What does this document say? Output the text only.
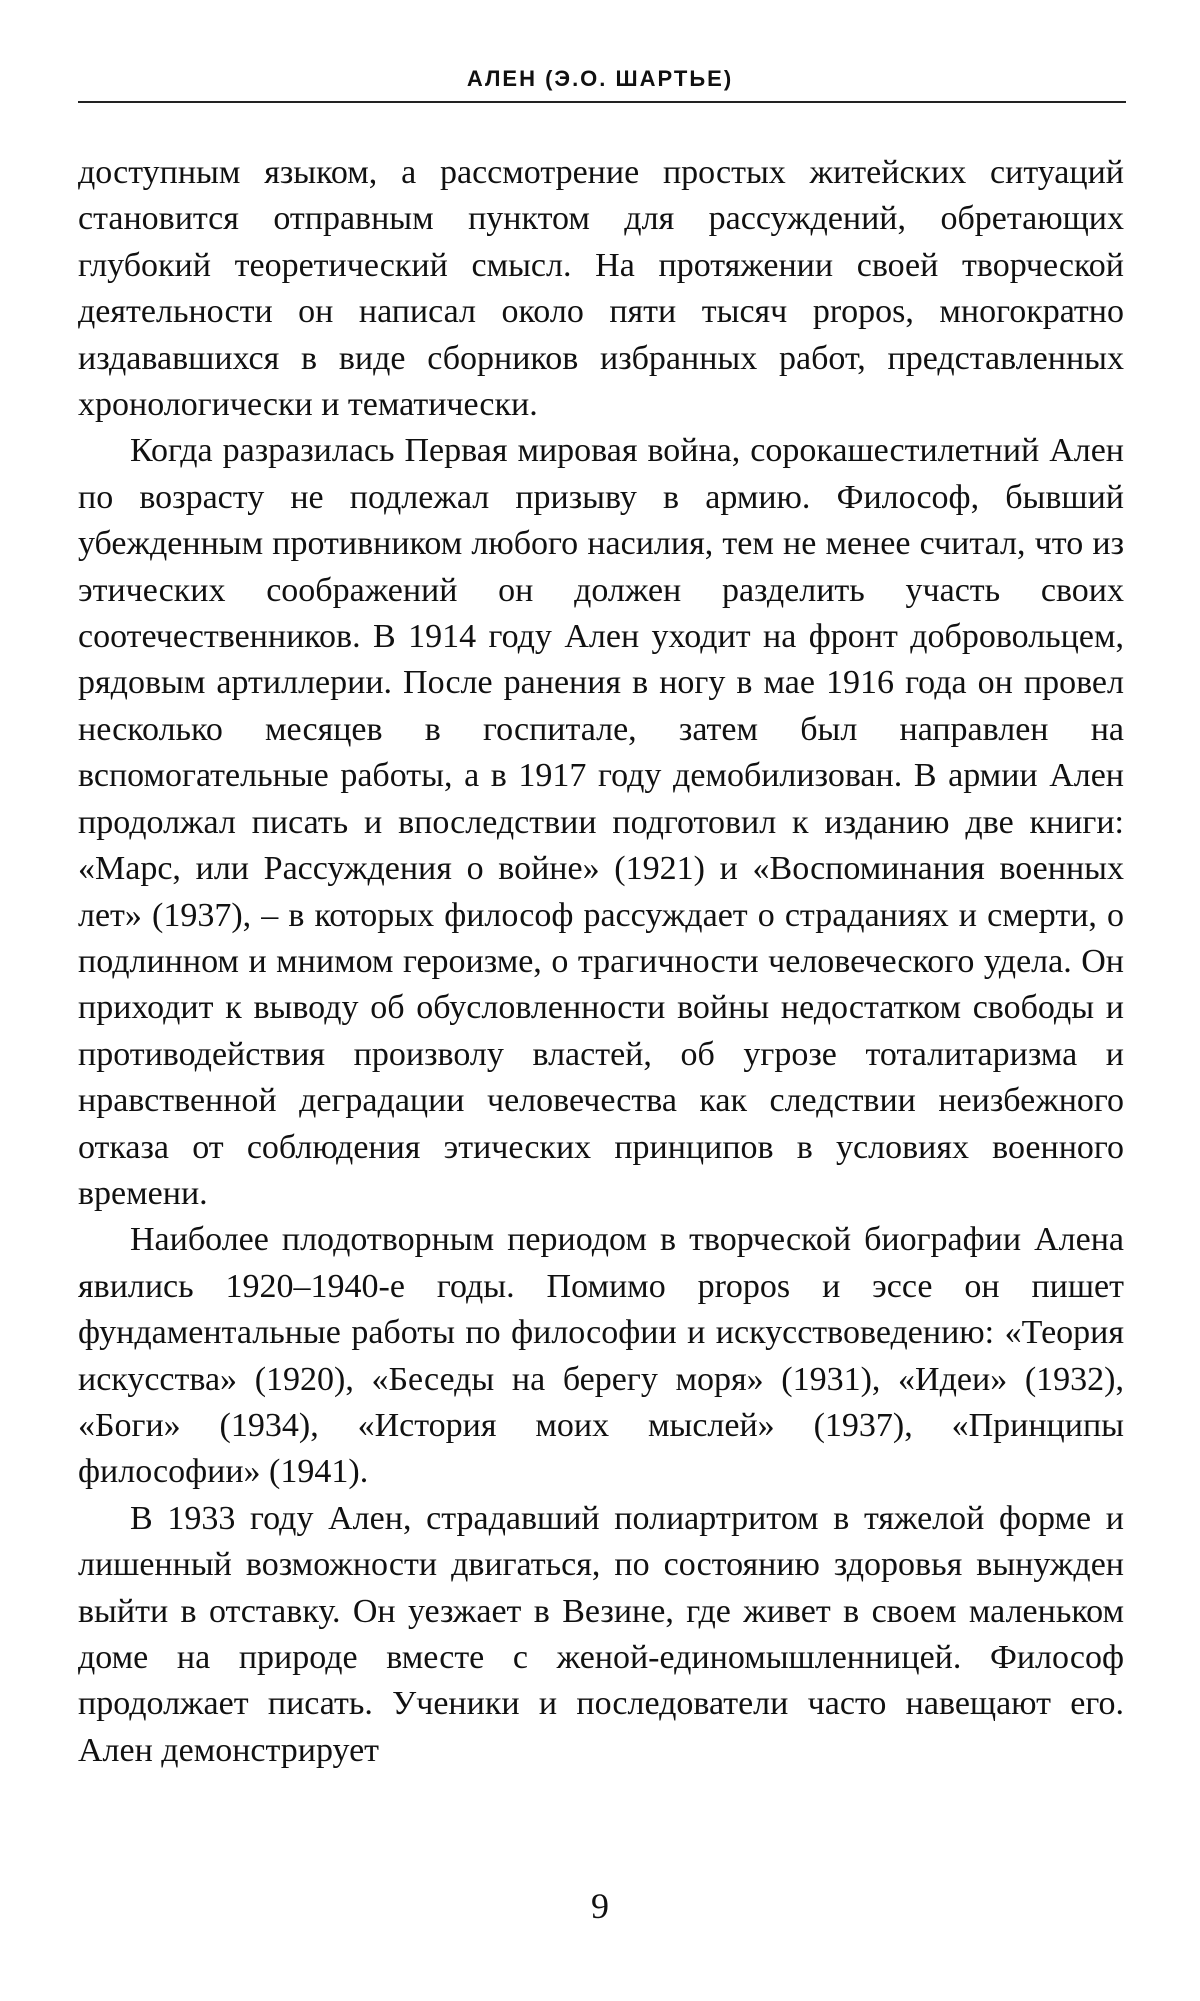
АЛЕН (Э.О. ШАРТЬЕ)

доступным языком, а рассмотрение простых житейских ситуаций становится отправным пунктом для рассуждений, обретающих глубокий теоретический смысл. На протяжении своей творческой деятельности он написал около пяти тысяч propos, многократно издававшихся в виде сборников избранных работ, представленных хронологически и тематически.

Когда разразилась Первая мировая война, сорокашестилетний Ален по возрасту не подлежал призыву в армию. Философ, бывший убежденным противником любого насилия, тем не менее считал, что из этических соображений он должен разделить участь своих соотечественников. В 1914 году Ален уходит на фронт добровольцем, рядовым артиллерии. После ранения в ногу в мае 1916 года он провел несколько месяцев в госпитале, затем был направлен на вспомогательные работы, а в 1917 году демобилизован. В армии Ален продолжал писать и впоследствии подготовил к изданию две книги: «Марс, или Рассуждения о войне» (1921) и «Воспоминания военных лет» (1937), – в которых философ рассуждает о страданиях и смерти, о подлинном и мнимом героизме, о трагичности человеческого удела. Он приходит к выводу об обусловленности войны недостатком свободы и противодействия произволу властей, об угрозе тоталитаризма и нравственной деградации человечества как следствии неизбежного отказа от соблюдения этических принципов в условиях военного времени.

Наиболее плодотворным периодом в творческой биографии Алена явились 1920–1940-е годы. Помимо propos и эссе он пишет фундаментальные работы по философии и искусствоведению: «Теория искусства» (1920), «Беседы на берегу моря» (1931), «Идеи» (1932), «Боги» (1934), «История моих мыслей» (1937), «Принципы философии» (1941).

В 1933 году Ален, страдавший полиартритом в тяжелой форме и лишенный возможности двигаться, по состоянию здоровья вынужден выйти в отставку. Он уезжает в Везине, где живет в своем маленьком доме на природе вместе с женой-единомышленницей. Философ продолжает писать. Ученики и последователи часто навещают его. Ален демонстрирует

9
